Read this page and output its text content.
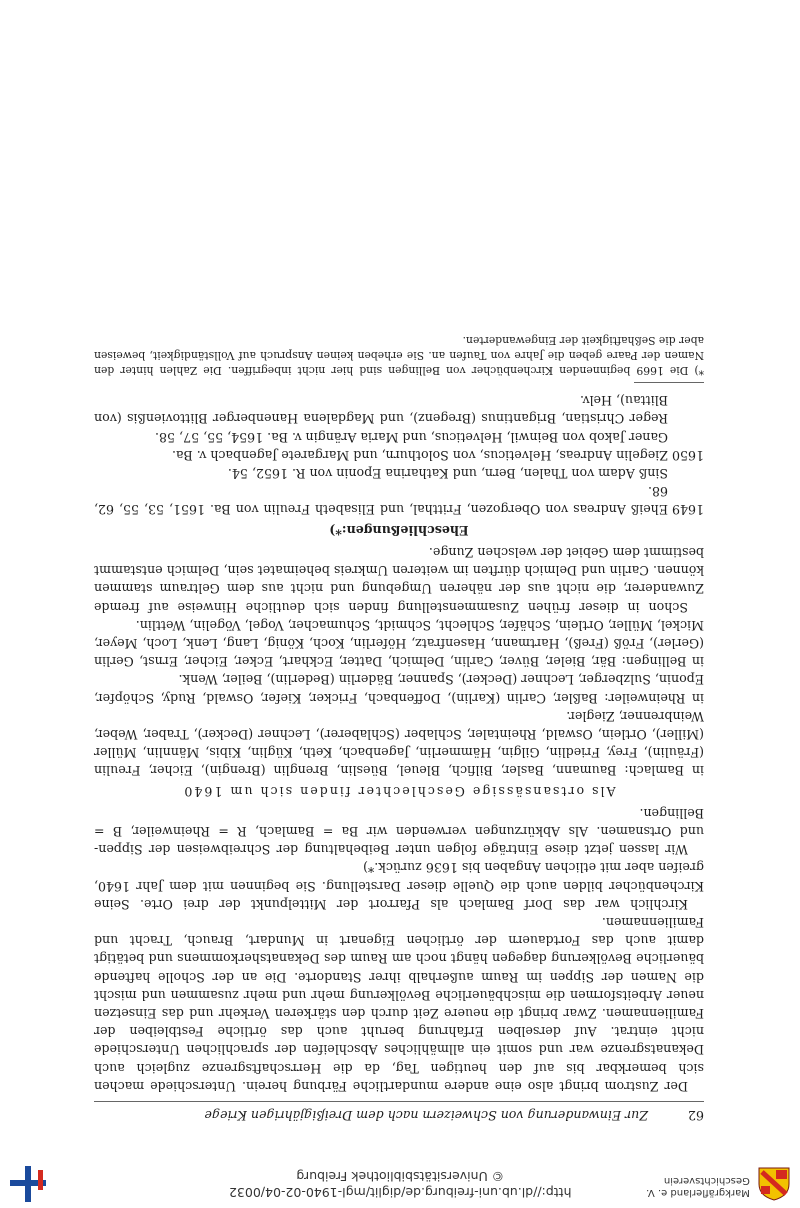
62
Zur Einwanderung von Schweizern nach dem Dreißigjährigen Kriege

Der Zustrom bringt also eine andere mundartliche Färbung herein. Unterschiede machen sich bemerkbar bis auf den heutigen Tag, da die Herrschaftsgrenze zugleich auch Dekanatsgrenze war und somit ein allmähliches Abschleifen der sprachlichen Unterschiede nicht eintrat. Auf derselben Erfahrung beruht auch das örtliche Festbleiben der Familiennamen. Zwar bringt die neuere Zeit durch den stärkeren Verkehr und das Einsetzen neuer Arbeitsformen die mischbäuerliche Bevölkerung mehr und mehr zusammen und mischt die Namen der Sippen im Raum außerhalb ihrer Standorte. Die an der Scholle haftende bäuerliche Bevölkerung dagegen hängt noch am Raum des Dekanatsherkommens und betätigt damit auch das Fortdauern der örtlichen Eigenart in Mundart, Brauch, Tracht und Familiennamen.

Kirchlich war das Dorf Bamlach als Pfarrort der Mittelpunkt der drei Orte. Seine Kirchenbücher bilden auch die Quelle dieser Darstellung. Sie beginnen mit dem Jahr 1640, greifen aber mit etlichen Angaben bis 1636 zurück.*)

Wir lassen jetzt diese Einträge folgen unter Beibehaltung der Schreibweisen der Sippen- und Ortsnamen. Als Abkürzungen verwenden wir Ba = Bamlach, R = Rheinweiler, B = Bellingen.

Als ortsansässige Geschlechter finden sich um 1640

in Bamlach: Baumann, Basler, Bilfich, Bleuel, Büeslin, Brenglin (Brengin), Eicher, Freulin (Fräulin), Frey, Friedlin, Gilgin, Hämmerlin, Jagenbach, Keth, Küglin, Kibis, Männlin, Müller (Miller), Ortlein, Oswald, Rheintaler, Schlaber (Schlaberer), Lechner (Decker), Traber, Weber, Weinbrenner, Ziegler.

in Rheinweiler: Baßler, Carlin (Karlin), Doffenbach, Fricker, Kiefer, Oswald, Rudy, Schöpfer, Eponin, Sulzberger, Lechner (Decker), Spanner, Bäderlin (Bederlin), Beiler, Wenk.

in Bellingen: Bär, Bieler, Büver, Carlin, Delmich, Datter, Eckhart, Ecker, Eicher, Ernst, Gerlin (Gerler), Fröß (Freß), Hartmann, Hasenfratz, Höferlin, Koch, König, Lang, Lenk, Loch, Meyer, Mickel, Müller, Ortlein, Schäfer, Schlecht, Schmidt, Schumacher, Vogel, Vögelin, Wettlin.

Schon in dieser frühen Zusammenstellung finden sich deutliche Hinweise auf fremde Zuwanderer, die nicht aus der näheren Umgebung und nicht aus dem Geltraum stammen können. Carlin und Delmich dürften im weiteren Umkreis beheimatet sein, Delmich entstammt bestimmt dem Gebiet der welschen Zunge.

Eheschließungen:*)

1649
Eheiß Andreas von Obergozen, Fritthal, und Elisabeth Freulin von Ba. 1651, 53, 55, 62, 68.
Sinß Adam von Thalen, Bern, und Katharina Eponin von R. 1652, 54.
1650
Ziegelin Andreas, Helveticus, von Solothurn, und Margarete Jagenbach v. Ba.
Ganer Jakob von Beinwil, Helveticus, und Maria Arängin v. Ba. 1654, 55, 57, 58.
Reger Christian, Brigantinus (Bregenz), und Magdalena Hanenberger Blittovienßis (von Blittau), Helv.

*) Die 1669 beginnenden Kirchenbücher von Bellingen sind hier nicht inbegriffen. Die Zahlen hinter den Namen der Paare geben die Jahre von Taufen an. Sie erheben keinen Anspruch auf Vollständigkeit, beweisen aber die Seßhaftigkeit der Eingewanderten.

http://dl.ub.uni-freiburg.de/diglit/mgl-1940-02-04/0032
© Universitätsbibliothek Freiburg
Markgräflerland e. V.
Geschichtsverein
